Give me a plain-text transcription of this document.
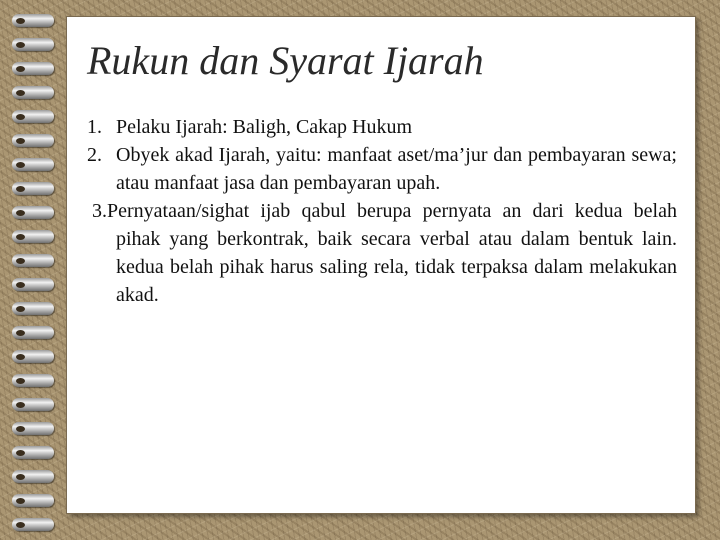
Rukun dan Syarat Ijarah

1. Pelaku Ijarah: Baligh, Cakap Hukum

2. Obyek akad Ijarah, yaitu: manfaat aset/ma’jur dan pembayaran sewa; atau manfaat jasa dan pembayaran upah.

3.Pernyataan/sighat ijab qabul berupa pernyata an dari kedua belah pihak yang berkontrak, baik secara verbal atau dalam bentuk lain. kedua belah pihak harus saling rela, tidak terpaksa dalam melakukan akad.
